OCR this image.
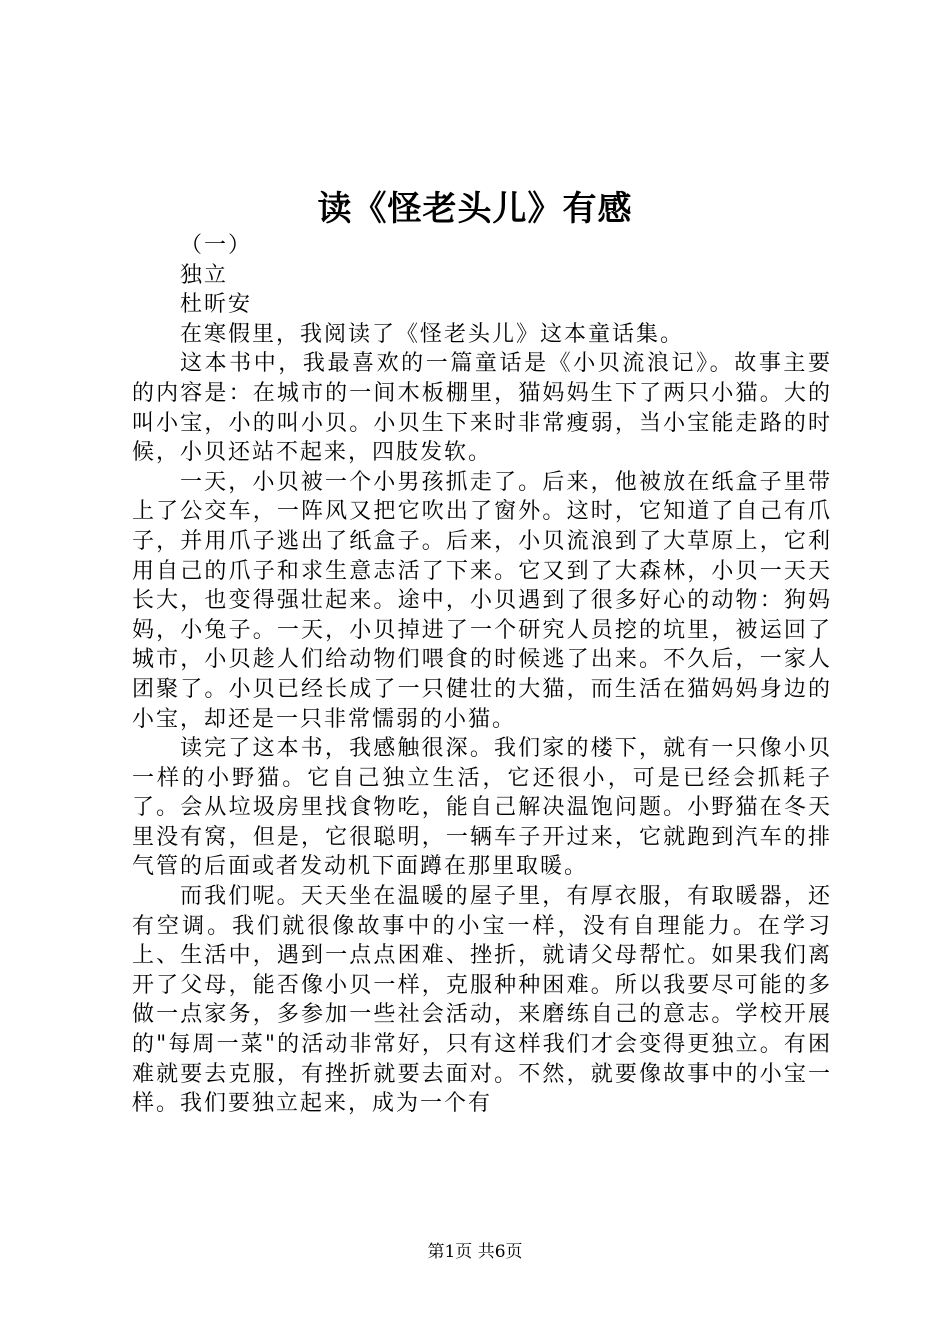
读《怪老头儿》有感

（一）

独立

杜昕安

在寒假里，我阅读了《怪老头儿》这本童话集。

这本书中，我最喜欢的一篇童话是《小贝流浪记》。故事主要的内容是：在城市的一间木板棚里，猫妈妈生下了两只小猫。大的叫小宝，小的叫小贝。小贝生下来时非常瘦弱，当小宝能走路的时候，小贝还站不起来，四肢发软。

一天，小贝被一个小男孩抓走了。后来，他被放在纸盒子里带上了公交车，一阵风又把它吹出了窗外。这时，它知道了自己有爪子，并用爪子逃出了纸盒子。后来，小贝流浪到了大草原上，它利用自己的爪子和求生意志活了下来。它又到了大森林，小贝一天天长大，也变得强壮起来。途中，小贝遇到了很多好心的动物：狗妈妈，小兔子。一天，小贝掉进了一个研究人员挖的坑里，被运回了城市，小贝趁人们给动物们喂食的时候逃了出来。不久后，一家人团聚了。小贝已经长成了一只健壮的大猫，而生活在猫妈妈身边的小宝，却还是一只非常懦弱的小猫。

读完了这本书，我感触很深。我们家的楼下，就有一只像小贝一样的小野猫。它自己独立生活，它还很小，可是已经会抓耗子了。会从垃圾房里找食物吃，能自己解决温饱问题。小野猫在冬天里没有窝，但是，它很聪明，一辆车子开过来，它就跑到汽车的排气管的后面或者发动机下面蹲在那里取暖。

而我们呢。天天坐在温暖的屋子里，有厚衣服，有取暖器，还有空调。我们就很像故事中的小宝一样，没有自理能力。在学习上、生活中，遇到一点点困难、挫折，就请父母帮忙。如果我们离开了父母，能否像小贝一样，克服种种困难。所以我要尽可能的多做一点家务，多参加一些社会活动，来磨练自己的意志。学校开展的"每周一菜"的活动非常好，只有这样我们才会变得更独立。有困难就要去克服，有挫折就要去面对。不然，就要像故事中的小宝一样。我们要独立起来，成为一个有

第1页 共6页
